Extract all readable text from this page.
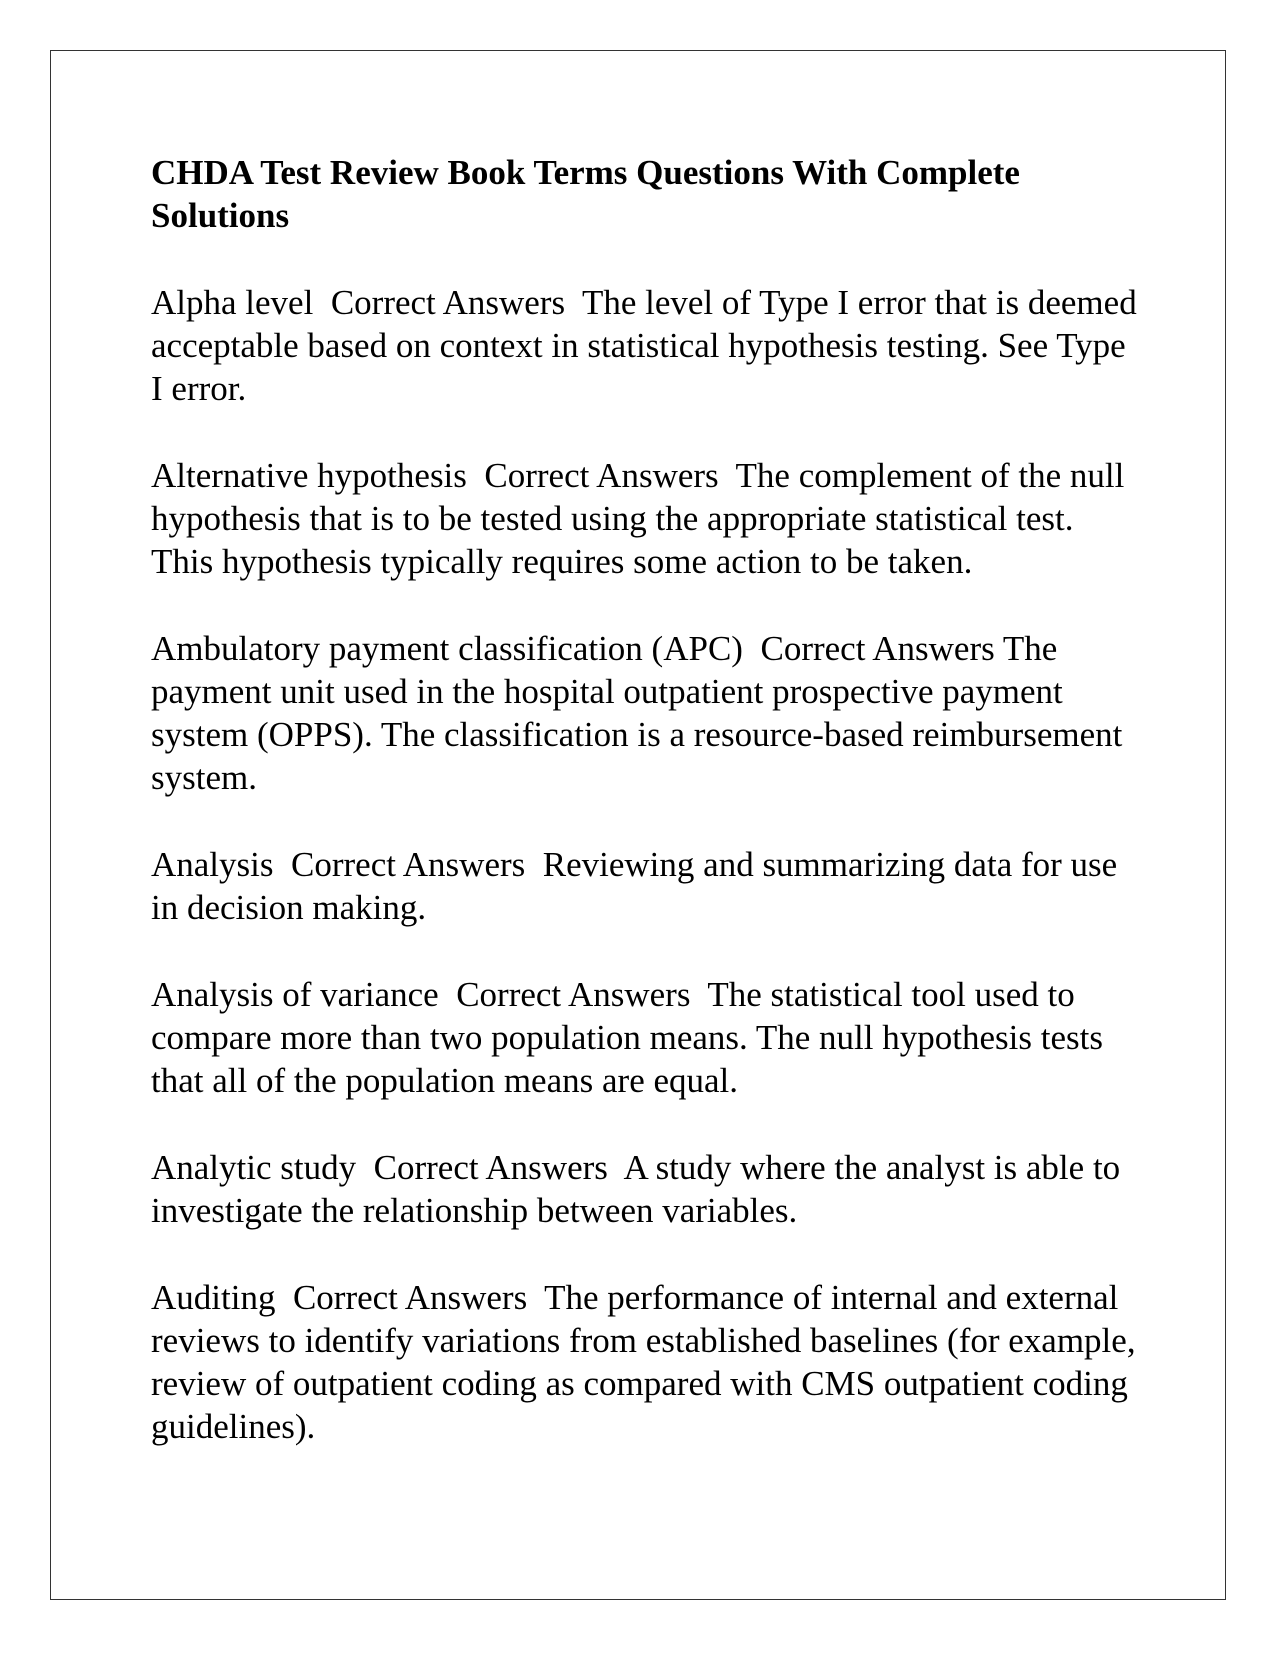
CHDA Test Review Book Terms Questions With Complete Solutions
Alpha level Correct Answers The level of Type I error that is deemed acceptable based on context in statistical hypothesis testing. See Type I error.
Alternative hypothesis Correct Answers The complement of the null hypothesis that is to be tested using the appropriate statistical test. This hypothesis typically requires some action to be taken.
Ambulatory payment classification (APC) Correct Answers The payment unit used in the hospital outpatient prospective payment system (OPPS). The classification is a resource-based reimbursement system.
Analysis Correct Answers Reviewing and summarizing data for use in decision making.
Analysis of variance Correct Answers The statistical tool used to compare more than two population means. The null hypothesis tests that all of the population means are equal.
Analytic study Correct Answers A study where the analyst is able to investigate the relationship between variables.
Auditing Correct Answers The performance of internal and external reviews to identify variations from established baselines (for example, review of outpatient coding as compared with CMS outpatient coding guidelines).
